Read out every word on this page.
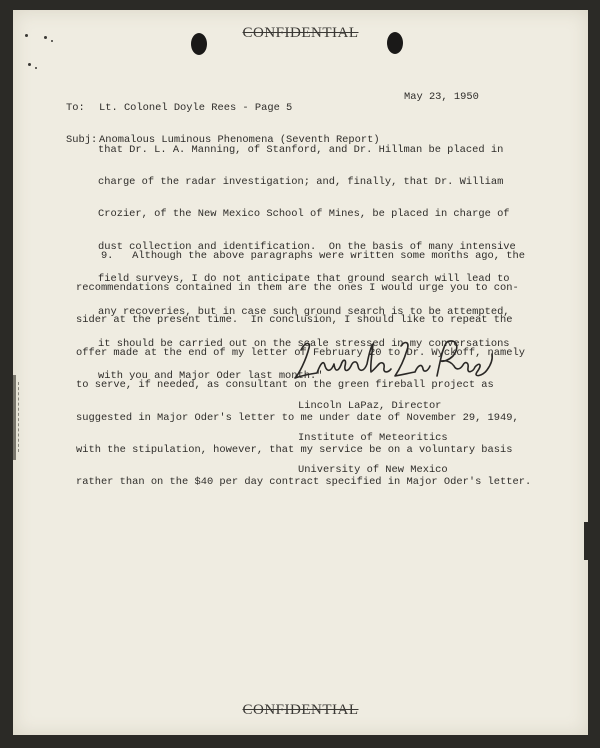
CONFIDENTIAL

To:	Lt. Colonel Doyle Rees - Page 5

Subj: Anomalous Luminous Phenomena (Seventh Report)

May 23, 1950

that Dr. L. A. Manning, of Stanford, and Dr. Hillman be placed in

charge of the radar investigation; and, finally, that Dr. William

Crozier, of the New Mexico School of Mines, be placed in charge of

dust collection and identification.  On the basis of many intensive

field surveys, I do not anticipate that ground search will lead to

any recoveries, but in case such ground search is to be attempted,

it should be carried out on the scale stressed in my conversations

with you and Major Oder last month."

9.   Although the above paragraphs were written some months ago, the

recommendations contained in them are the ones I would urge you to con-

sider at the present time.  In conclusion, I should like to repeat the

offer made at the end of my letter of February 20 to Dr. Wyckoff, namely

to serve, if needed, as consultant on the green fireball project as

suggested in Major Oder's letter to me under date of November 29, 1949,

with the stipulation, however, that my service be on a voluntary basis

rather than on the $40 per day contract specified in Major Oder's letter.

Lincoln LaPaz, Director

Institute of Meteoritics

University of New Mexico

CONFIDENTIAL
